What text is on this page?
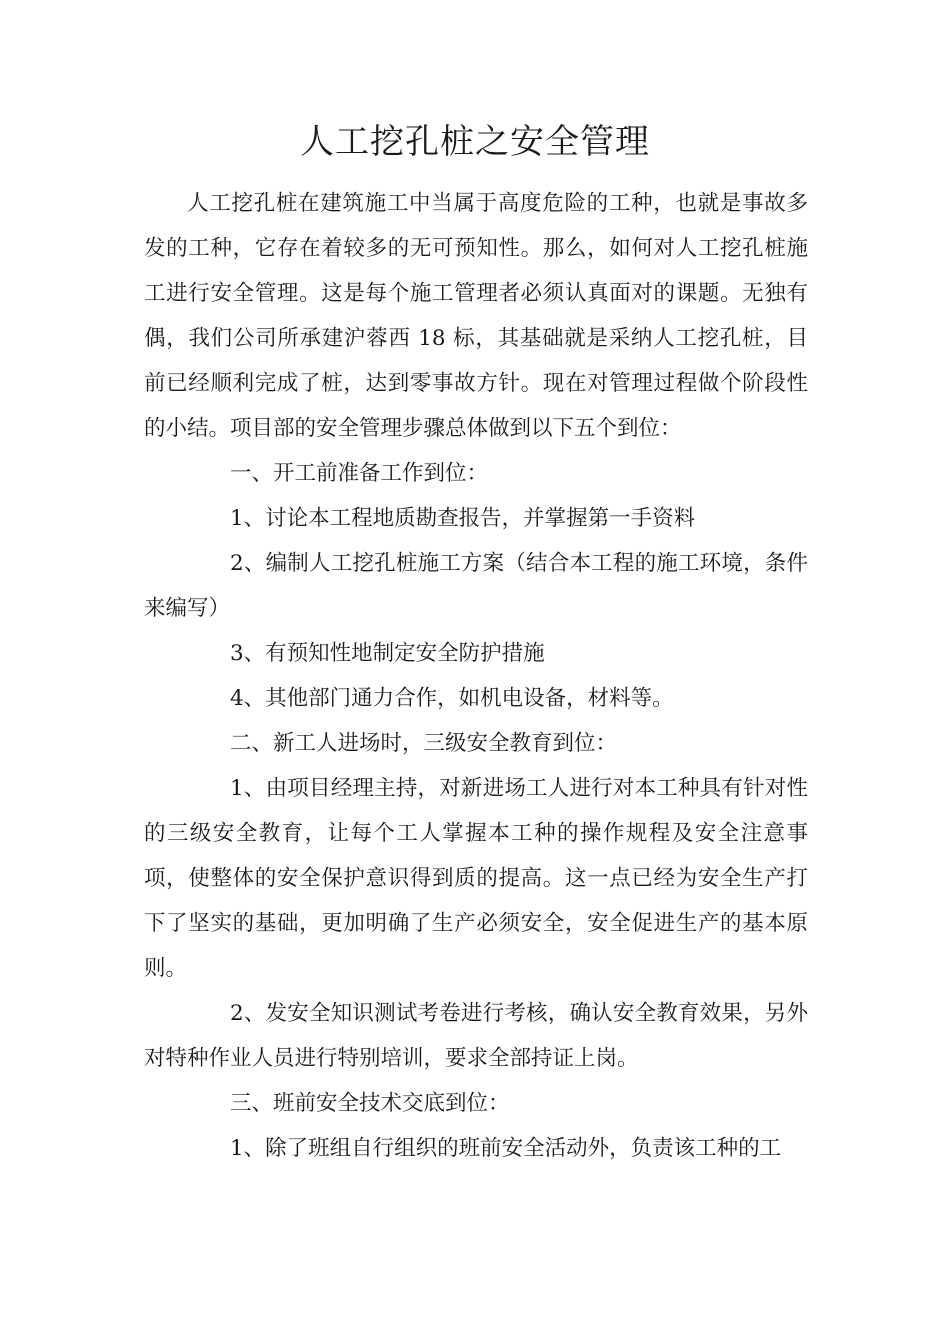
人工挖孔桩之安全管理

人工挖孔桩在建筑施工中当属于高度危险的工种，也就是事故多发的工种，它存在着较多的无可预知性。那么，如何对人工挖孔桩施工进行安全管理。这是每个施工管理者必须认真面对的课题。无独有偶，我们公司所承建沪蓉西 18 标，其基础就是采纳人工挖孔桩，目前已经顺利完成了桩，达到零事故方针。现在对管理过程做个阶段性的小结。项目部的安全管理步骤总体做到以下五个到位：

一、开工前准备工作到位：

1、讨论本工程地质勘查报告，并掌握第一手资料

2、编制人工挖孔桩施工方案（结合本工程的施工环境，条件来编写）

3、有预知性地制定安全防护措施

4、其他部门通力合作，如机电设备，材料等。

二、新工人进场时，三级安全教育到位：

1、由项目经理主持，对新进场工人进行对本工种具有针对性的三级安全教育，让每个工人掌握本工种的操作规程及安全注意事项，使整体的安全保护意识得到质的提高。这一点已经为安全生产打下了坚实的基础，更加明确了生产必须安全，安全促进生产的基本原则。

2、发安全知识测试考卷进行考核，确认安全教育效果，另外对特种作业人员进行特别培训，要求全部持证上岗。

三、班前安全技术交底到位：

1、除了班组自行组织的班前安全活动外，负责该工种的工
